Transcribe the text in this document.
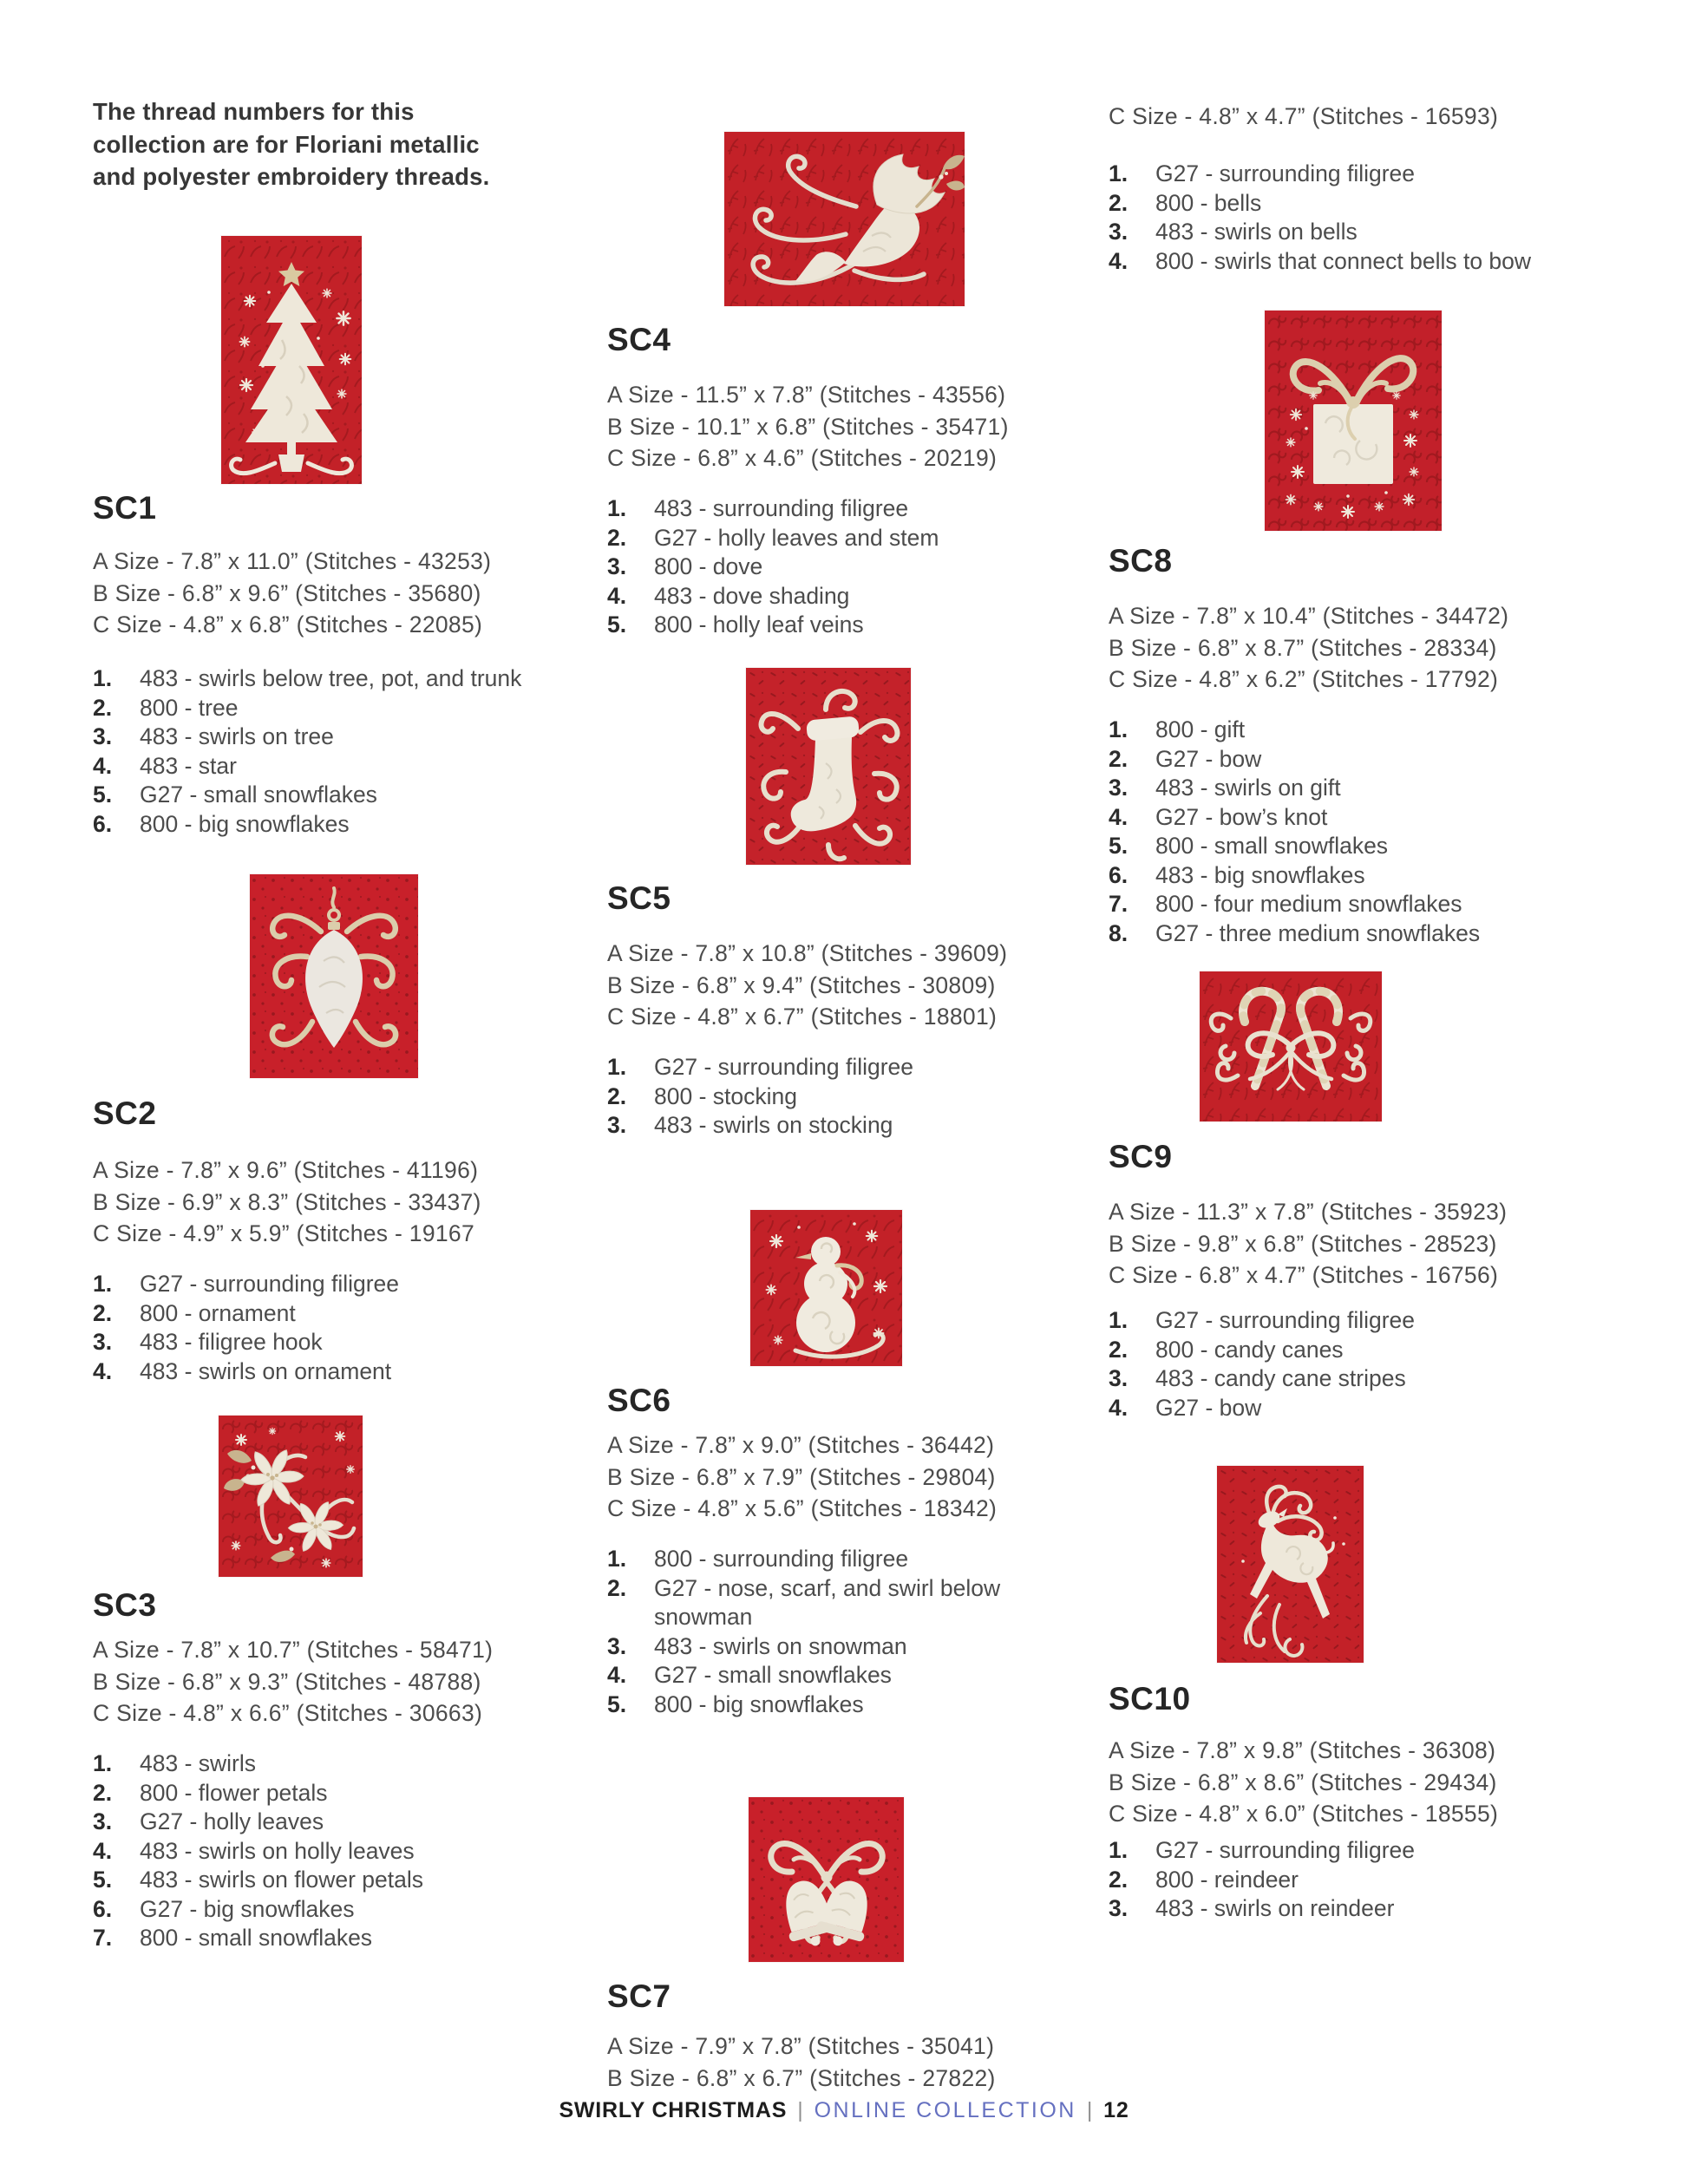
The thread numbers for this
collection are for Floriani metallic
and polyester embroidery threads.
SC1
A Size - 7.8” x 11.0” (Stitches - 43253)
B Size - 6.8” x 9.6” (Stitches - 35680)
C Size - 4.8” x 6.8” (Stitches - 22085)
1.	483 - swirls below tree, pot, and trunk
2.	800 - tree
3.	483 - swirls on tree
4.	483 - star
5.	G27 - small snowflakes
6.	800 - big snowflakes
SC2
A Size - 7.8” x 9.6” (Stitches - 41196)
B Size - 6.9” x 8.3” (Stitches - 33437)
C Size - 4.9” x 5.9” (Stitches - 19167
1.	G27 - surrounding filigree
2.	800 - ornament
3.	483 - filigree hook
4.	483 - swirls on ornament
SC3
A Size - 7.8” x 10.7” (Stitches - 58471)
B Size - 6.8” x 9.3” (Stitches - 48788)
C Size - 4.8” x 6.6” (Stitches - 30663)
1.	483 - swirls
2.	800 - flower petals
3.	G27 - holly leaves
4.	483 - swirls on holly leaves
5.	483 - swirls on flower petals
6.	G27 - big snowflakes
7.	800 - small snowflakes
SC4
A Size - 11.5” x 7.8” (Stitches - 43556)
B Size - 10.1” x 6.8” (Stitches - 35471)
C Size - 6.8” x 4.6” (Stitches - 20219)
1.	483 - surrounding filigree
2.	G27 - holly leaves and stem
3.	800 - dove
4.	483 - dove shading
5.	800 - holly leaf veins
SC5
A Size - 7.8” x 10.8” (Stitches - 39609)
B Size - 6.8” x 9.4” (Stitches - 30809)
C Size - 4.8” x 6.7” (Stitches - 18801)
1.	G27 - surrounding filigree
2.	800 - stocking
3.	483 - swirls on stocking
SC6
A Size - 7.8” x 9.0” (Stitches - 36442)
B Size - 6.8” x 7.9” (Stitches - 29804)
C Size - 4.8” x 5.6” (Stitches - 18342)
1.	800 - surrounding filigree
2.	G27 - nose, scarf, and swirl below snowman
3.	483 - swirls on snowman
4.	G27 - small snowflakes
5.	800 - big snowflakes
SC7
A Size - 7.9” x 7.8” (Stitches - 35041)
B Size - 6.8” x 6.7” (Stitches - 27822)
C Size - 4.8” x 4.7” (Stitches - 16593)
1.	G27 - surrounding filigree
2.	800 - bells
3.	483 - swirls on bells
4.	800 - swirls that connect bells to bow
SC8
A Size - 7.8” x 10.4” (Stitches - 34472)
B Size - 6.8” x 8.7” (Stitches - 28334)
C Size - 4.8” x 6.2” (Stitches - 17792)
1.	800 - gift
2.	G27 - bow
3.	483 - swirls on gift
4.	G27 - bow’s knot
5.	800 - small snowflakes
6.	483 - big snowflakes
7.	800 - four medium snowflakes
8.	G27 - three medium snowflakes
SC9
A Size - 11.3” x 7.8” (Stitches - 35923)
B Size - 9.8” x 6.8” (Stitches - 28523)
C Size - 6.8” x 4.7” (Stitches - 16756)
1.	G27 - surrounding filigree
2.	800 - candy canes
3.	483 - candy cane stripes
4.	G27 - bow
SC10
A Size - 7.8” x 9.8” (Stitches - 36308)
B Size - 6.8” x 8.6” (Stitches - 29434)
C Size - 4.8” x 6.0” (Stitches - 18555)
1.	G27 - surrounding filigree
2.	800 - reindeer
3.	483 - swirls on reindeer
SWIRLY CHRISTMAS | ONLINE COLLECTION | 12
